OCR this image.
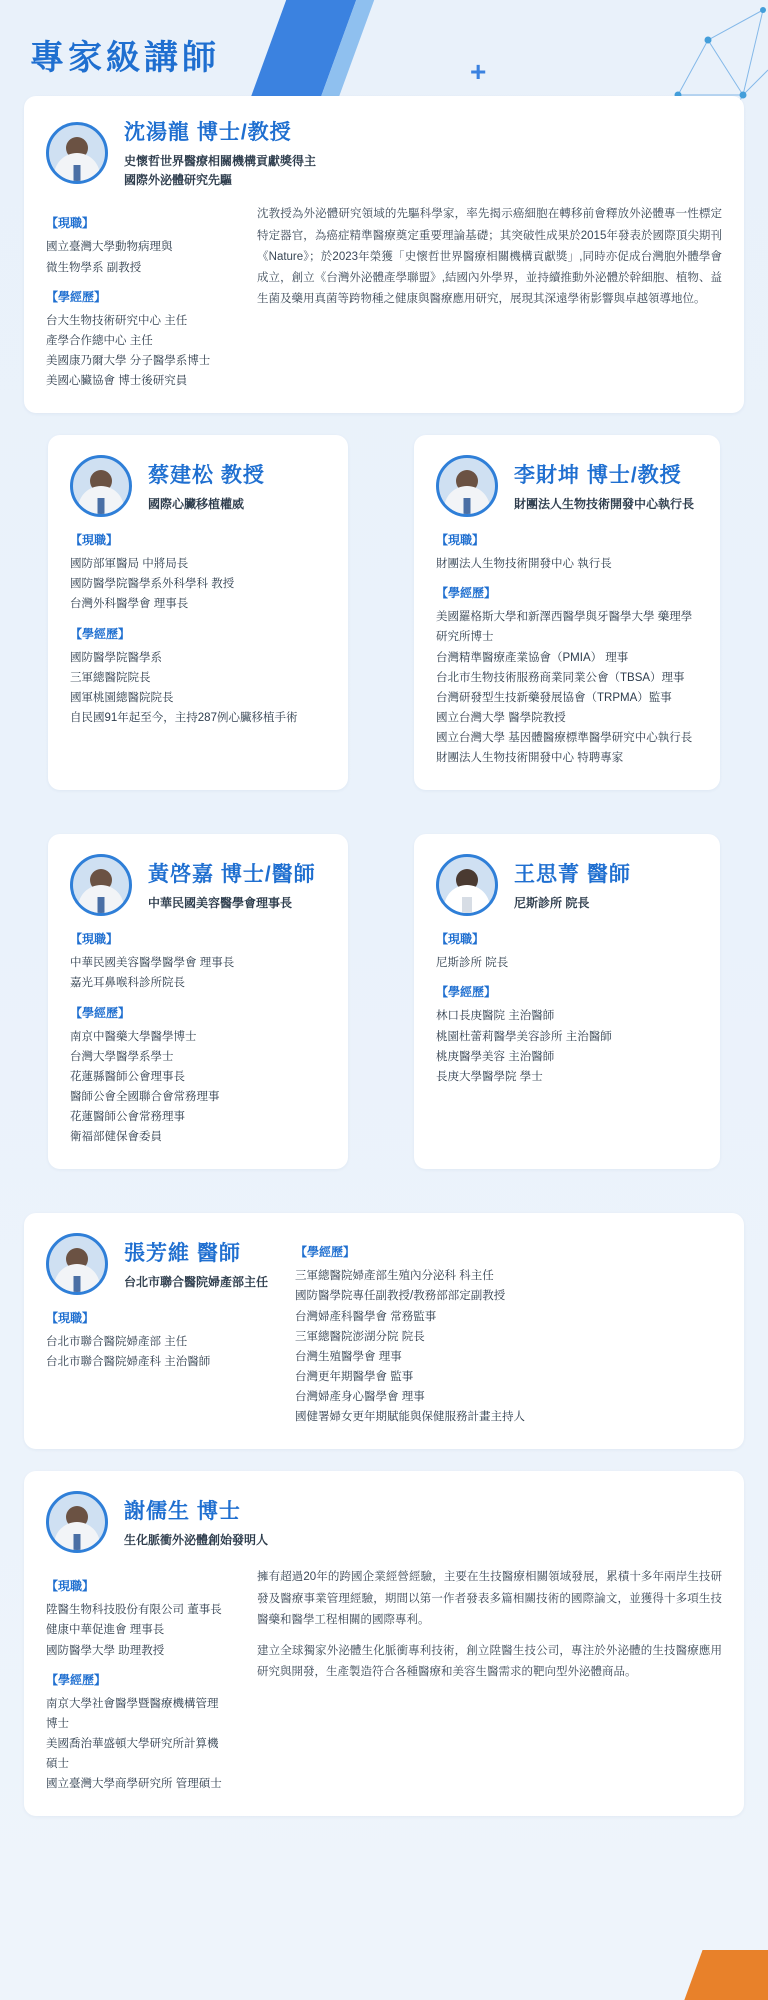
+
專家級講師
沈湯龍 博士/教授
史懷哲世界醫療相關機構貢獻獎得主
國際外泌體研究先驅
【現職】
國立臺灣大學動物病理與
微生物學系 副教授
【學經歷】
台大生物技術研究中心 主任
產學合作總中心 主任
美國康乃爾大學 分子醫學系博士
美國心臟協會 博士後研究員

沈教授為外泌體研究領域的先驅科學家，率先揭示癌細胞在轉移前會釋放外泌體專一性標定特定器官，為癌症精準醫療奠定重要理論基礎；其突破性成果於2015年發表於國際頂尖期刊《Nature》；於2023年榮獲「史懷哲世界醫療相關機構貢獻獎」,同時亦促成台灣胞外體學會成立，創立《台灣外泌體產學聯盟》,結國內外學界，並持續推動外泌體於幹細胞、植物、益生菌及藥用真菌等跨物種之健康與醫療應用研究，展現其深遠學術影響與卓越領導地位。

蔡建松 教授
國際心臟移植權威
【現職】
國防部軍醫局 中將局長
國防醫學院醫學系外科學科 教授
台灣外科醫學會 理事長
【學經歷】
國防醫學院醫學系
三軍總醫院院長
國軍桃園總醫院院長
自民國91年起至今，主持287例心臟移植手術
李財坤 博士/教授
財團法人生物技術開發中心執行長
【現職】
財團法人生物技術開發中心 執行長
【學經歷】
美國羅格斯大學和新澤西醫學與牙醫學大學 藥理學研究所博士
台灣精準醫療產業協會（PMIA） 理事
台北市生物技術服務商業同業公會（TBSA）理事
台灣研發型生技新藥發展協會（TRPMA）監事
國立台灣大學 醫學院教授
國立台灣大學 基因體醫療標準醫學研究中心執行長
財團法人生物技術開發中心 特聘專家
黃啓嘉 博士/醫師
中華民國美容醫學會理事長
【現職】
中華民國美容醫學醫學會 理事長
嘉光耳鼻喉科診所院長
【學經歷】
南京中醫藥大學醫學博士
台灣大學醫學系學士
花蓮縣醫師公會理事長
醫師公會全國聯合會常務理事
花蓮醫師公會常務理事
衛福部健保會委員
王思菁 醫師
尼斯診所 院長
【現職】
尼斯診所 院長
【學經歷】
林口長庚醫院 主治醫師
桃園杜蕾莉醫學美容診所 主治醫師
桃庚醫學美容 主治醫師
長庚大學醫學院 學士
張芳維 醫師
台北市聯合醫院婦產部主任
【現職】
台北市聯合醫院婦產部 主任
台北市聯合醫院婦產科 主治醫師
【學經歷】
三軍總醫院婦產部生殖內分泌科 科主任
國防醫學院專任副教授/教務部部定副教授
台灣婦產科醫學會 常務監事
三軍總醫院澎湖分院 院長
台灣生殖醫學會 理事
台灣更年期醫學會 監事
台灣婦產身心醫學會 理事
國健署婦女更年期賦能與保健服務計畫主持人
謝儒生 博士
生化脈衝外泌體創始發明人
【現職】
陞醫生物科技股份有限公司 董事長
健康中華促進會 理事長
國防醫學大學 助理教授
【學經歷】
南京大學社會醫學暨醫療機構管理 博士
美國喬治華盛頓大學研究所計算機 碩士
國立臺灣大學商學研究所 管理碩士

擁有超過20年的跨國企業經營經驗，主要在生技醫療相關領域發展，累積十多年兩岸生技研發及醫療事業管理經驗，期間以第一作者發表多篇相關技術的國際論文，並獲得十多項生技醫藥和醫學工程相關的國際專利。

建立全球獨家外泌體生化脈衝專利技術，創立陞醫生技公司，專注於外泌體的生技醫療應用研究與開發，生產製造符合各種醫療和美容生醫需求的靶向型外泌體商品。
